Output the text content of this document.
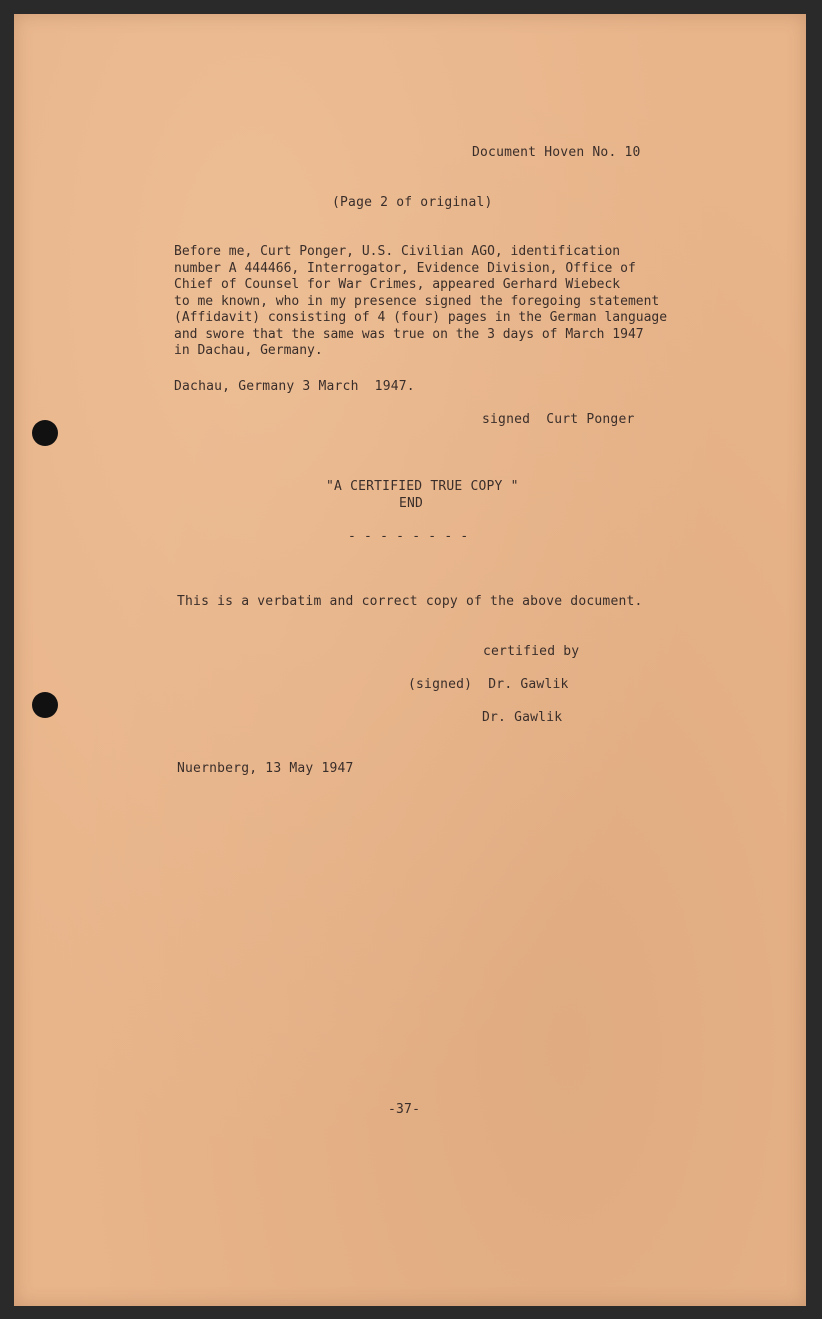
Document Hoven No. 10
(Page 2 of original)
Before me, Curt Ponger, U.S. Civilian AGO, identification
number A 444466, Interrogator, Evidence Division, Office of
Chief of Counsel for War Crimes, appeared Gerhard Wiebeck
to me known, who in my presence signed the foregoing statement
(Affidavit) consisting of 4 (four) pages in the German language
and swore that the same was true on the 3 days of March 1947
in Dachau, Germany.
Dachau, Germany 3 March  1947.
signed  Curt Ponger
"A CERTIFIED TRUE COPY "
END
- - - - - - - -
This is a verbatim and correct copy of the above document.
certified by
(signed)  Dr. Gawlik
Dr. Gawlik
Nuernberg, 13 May 1947
-37-
